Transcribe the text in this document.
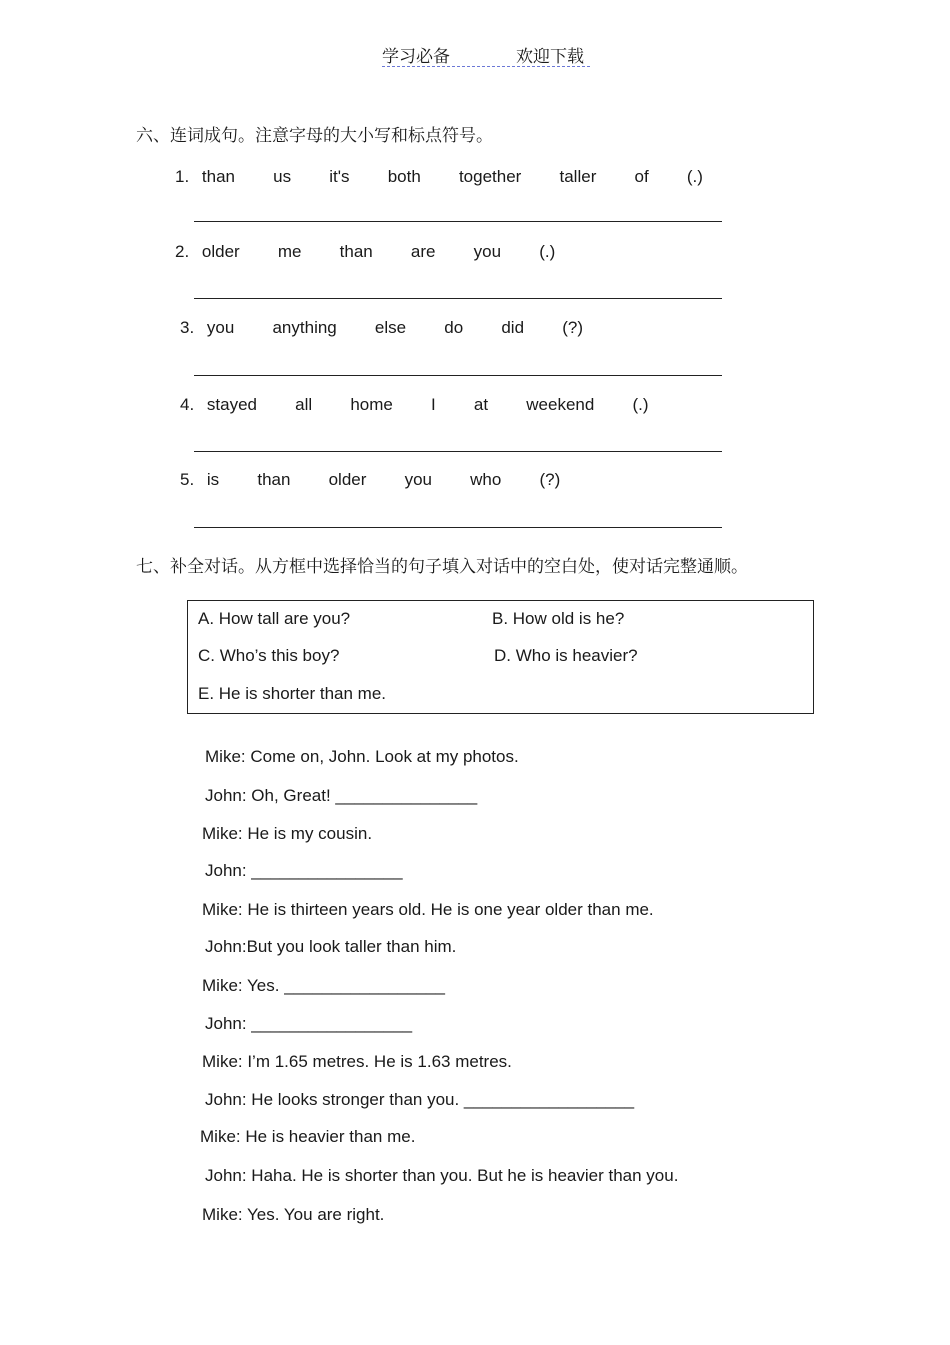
学习必备

	欢迎下载

六、连词成句。注意字母的大小写和标点符号。
1. than   us   it's   both   together   taller   of   (.)
2. older   me   than   are   you   (.)
3. you   anything   else   do   did   (?)
4. stayed   all   home   I   at   weekend   (.)
5. is   than   older   you   who   (?)
七、补全对话。从方框中选择恰当的句子填入对话中的空白处，使对话完整通顺。
A. How tall are you?	B. How old is he?
C. Who’s this boy?	D. Who is heavier?
E. He is shorter than me.
Mike: Come on, John. Look at my photos.
John: Oh, Great! _______________
Mike: He is my cousin.
John: ________________
Mike: He is thirteen years old. He is one year older than me.
John:But you look taller than him.
Mike: Yes. _________________
John: _________________
Mike: I’m 1.65 metres. He is 1.63 metres.
John: He looks stronger than you. __________________
Mike: He is heavier than me.
John: Haha. He is shorter than you. But he is heavier than you.
Mike: Yes. You are right.
